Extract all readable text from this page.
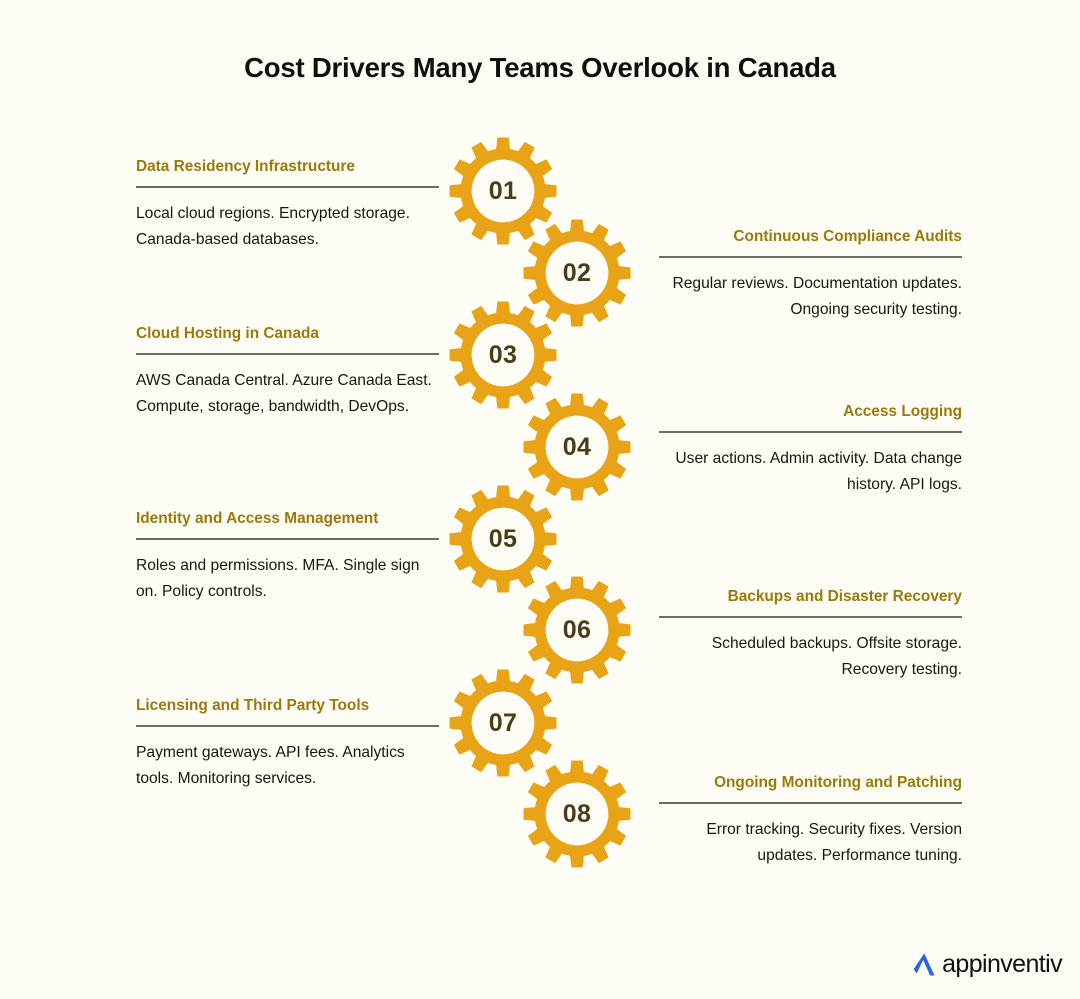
Cost Drivers Many Teams Overlook in Canada
Data Residency Infrastructure
Local cloud regions. Encrypted storage. Canada-based databases.
Cloud Hosting in Canada
AWS Canada Central. Azure Canada East. Compute, storage, bandwidth, DevOps.
Identity and Access Management
Roles and permissions. MFA. Single sign on. Policy controls.
Licensing and Third Party Tools
Payment gateways. API fees. Analytics tools. Monitoring services.
Continuous Compliance Audits
Regular reviews. Documentation updates. Ongoing security testing.
Access Logging
User actions. Admin activity. Data change history. API logs.
Backups and Disaster Recovery
Scheduled backups. Offsite storage. Recovery testing.
Ongoing Monitoring and Patching
Error tracking. Security fixes. Version updates. Performance tuning.
01
02
03
04
05
06
07
08
appinventiv
